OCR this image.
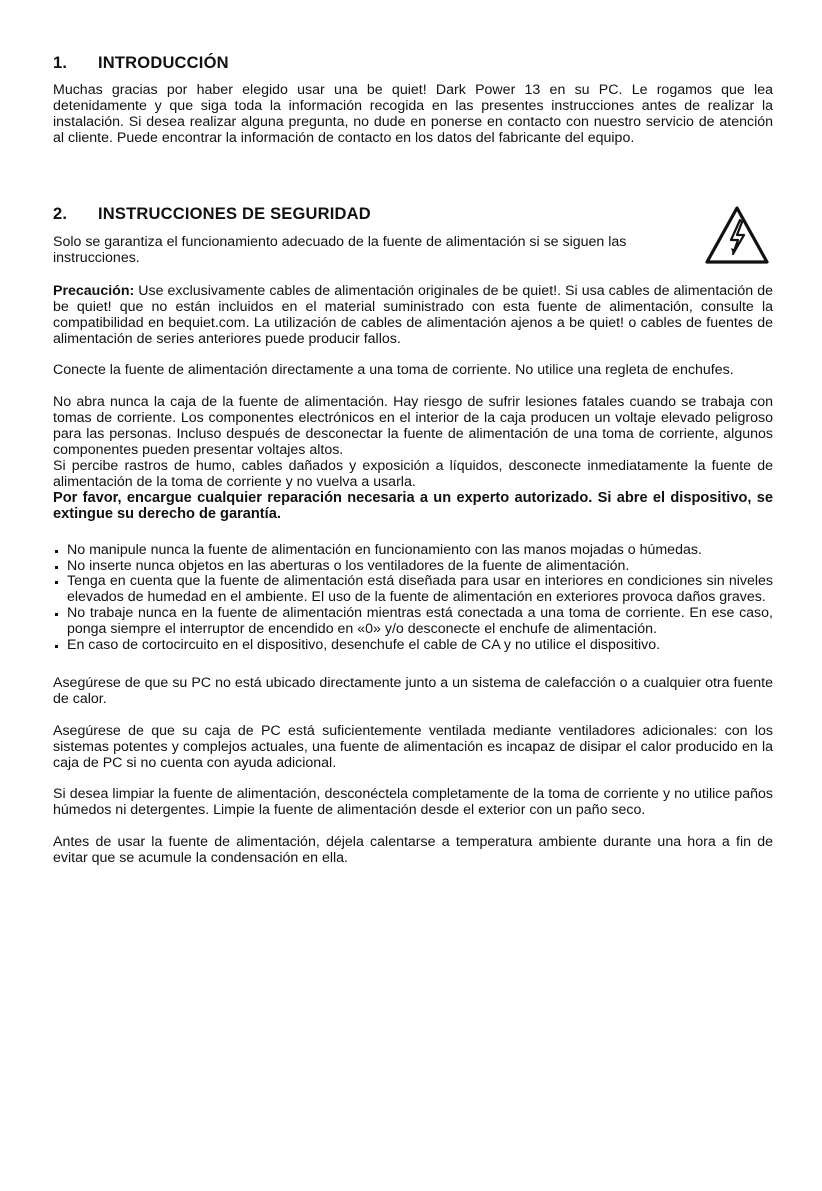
1.	INTRODUCCIÓN

Muchas gracias por haber elegido usar una be quiet! Dark Power 13 en su PC. Le rogamos que lea detenidamente y que siga toda la información recogida en las presentes instrucciones antes de realizar la instalación. Si desea realizar alguna pregunta, no dude en ponerse en contacto con nuestro servicio de atención al cliente. Puede encontrar la información de contacto en los datos del fabricante del equipo.

2.	INSTRUCCIONES DE SEGURIDAD

Solo se garantiza el funcionamiento adecuado de la fuente de alimentación si se siguen las instrucciones.

Precaución: Use exclusivamente cables de alimentación originales de be quiet!. Si usa cables de alimentación de be quiet! que no están incluidos en el material suministrado con esta fuente de alimentación, consulte la compatibilidad en bequiet.com. La utilización de cables de alimentación ajenos a be quiet! o cables de fuentes de alimentación de series anteriores puede producir fallos.

Conecte la fuente de alimentación directamente a una toma de corriente. No utilice una regleta de enchufes.

No abra nunca la caja de la fuente de alimentación. Hay riesgo de sufrir lesiones fatales cuando se trabaja con tomas de corriente. Los componentes electrónicos en el interior de la caja producen un voltaje elevado peligroso para las personas. Incluso después de desconectar la fuente de alimentación de una toma de corriente, algunos componentes pueden presentar voltajes altos.

Si percibe rastros de humo, cables dañados y exposición a líquidos, desconecte inmediatamente la fuente de alimentación de la toma de corriente y no vuelva a usarla.

Por favor, encargue cualquier reparación necesaria a un experto autorizado. Si abre el dispositivo, se extingue su derecho de garantía.

No manipule nunca la fuente de alimentación en funcionamiento con las manos mojadas o húmedas.
No inserte nunca objetos en las aberturas o los ventiladores de la fuente de alimentación.
Tenga en cuenta que la fuente de alimentación está diseñada para usar en interiores en condiciones sin niveles elevados de humedad en el ambiente. El uso de la fuente de alimentación en exteriores provoca daños graves.
No trabaje nunca en la fuente de alimentación mientras está conectada a una toma de corriente. En ese caso, ponga siempre el interruptor de encendido en «0» y/o desconecte el enchufe de alimentación.
En caso de cortocircuito en el dispositivo, desenchufe el cable de CA y no utilice el dispositivo.

Asegúrese de que su PC no está ubicado directamente junto a un sistema de calefacción o a cualquier otra fuente de calor.

Asegúrese de que su caja de PC está suficientemente ventilada mediante ventiladores adicionales: con los sistemas potentes y complejos actuales, una fuente de alimentación es incapaz de disipar el calor producido en la caja de PC si no cuenta con ayuda adicional.

Si desea limpiar la fuente de alimentación, desconéctela completamente de la toma de corriente y no utilice paños húmedos ni detergentes. Limpie la fuente de alimentación desde el exterior con un paño seco.

Antes de usar la fuente de alimentación, déjela calentarse a temperatura ambiente durante una hora a fin de evitar que se acumule la condensación en ella.
